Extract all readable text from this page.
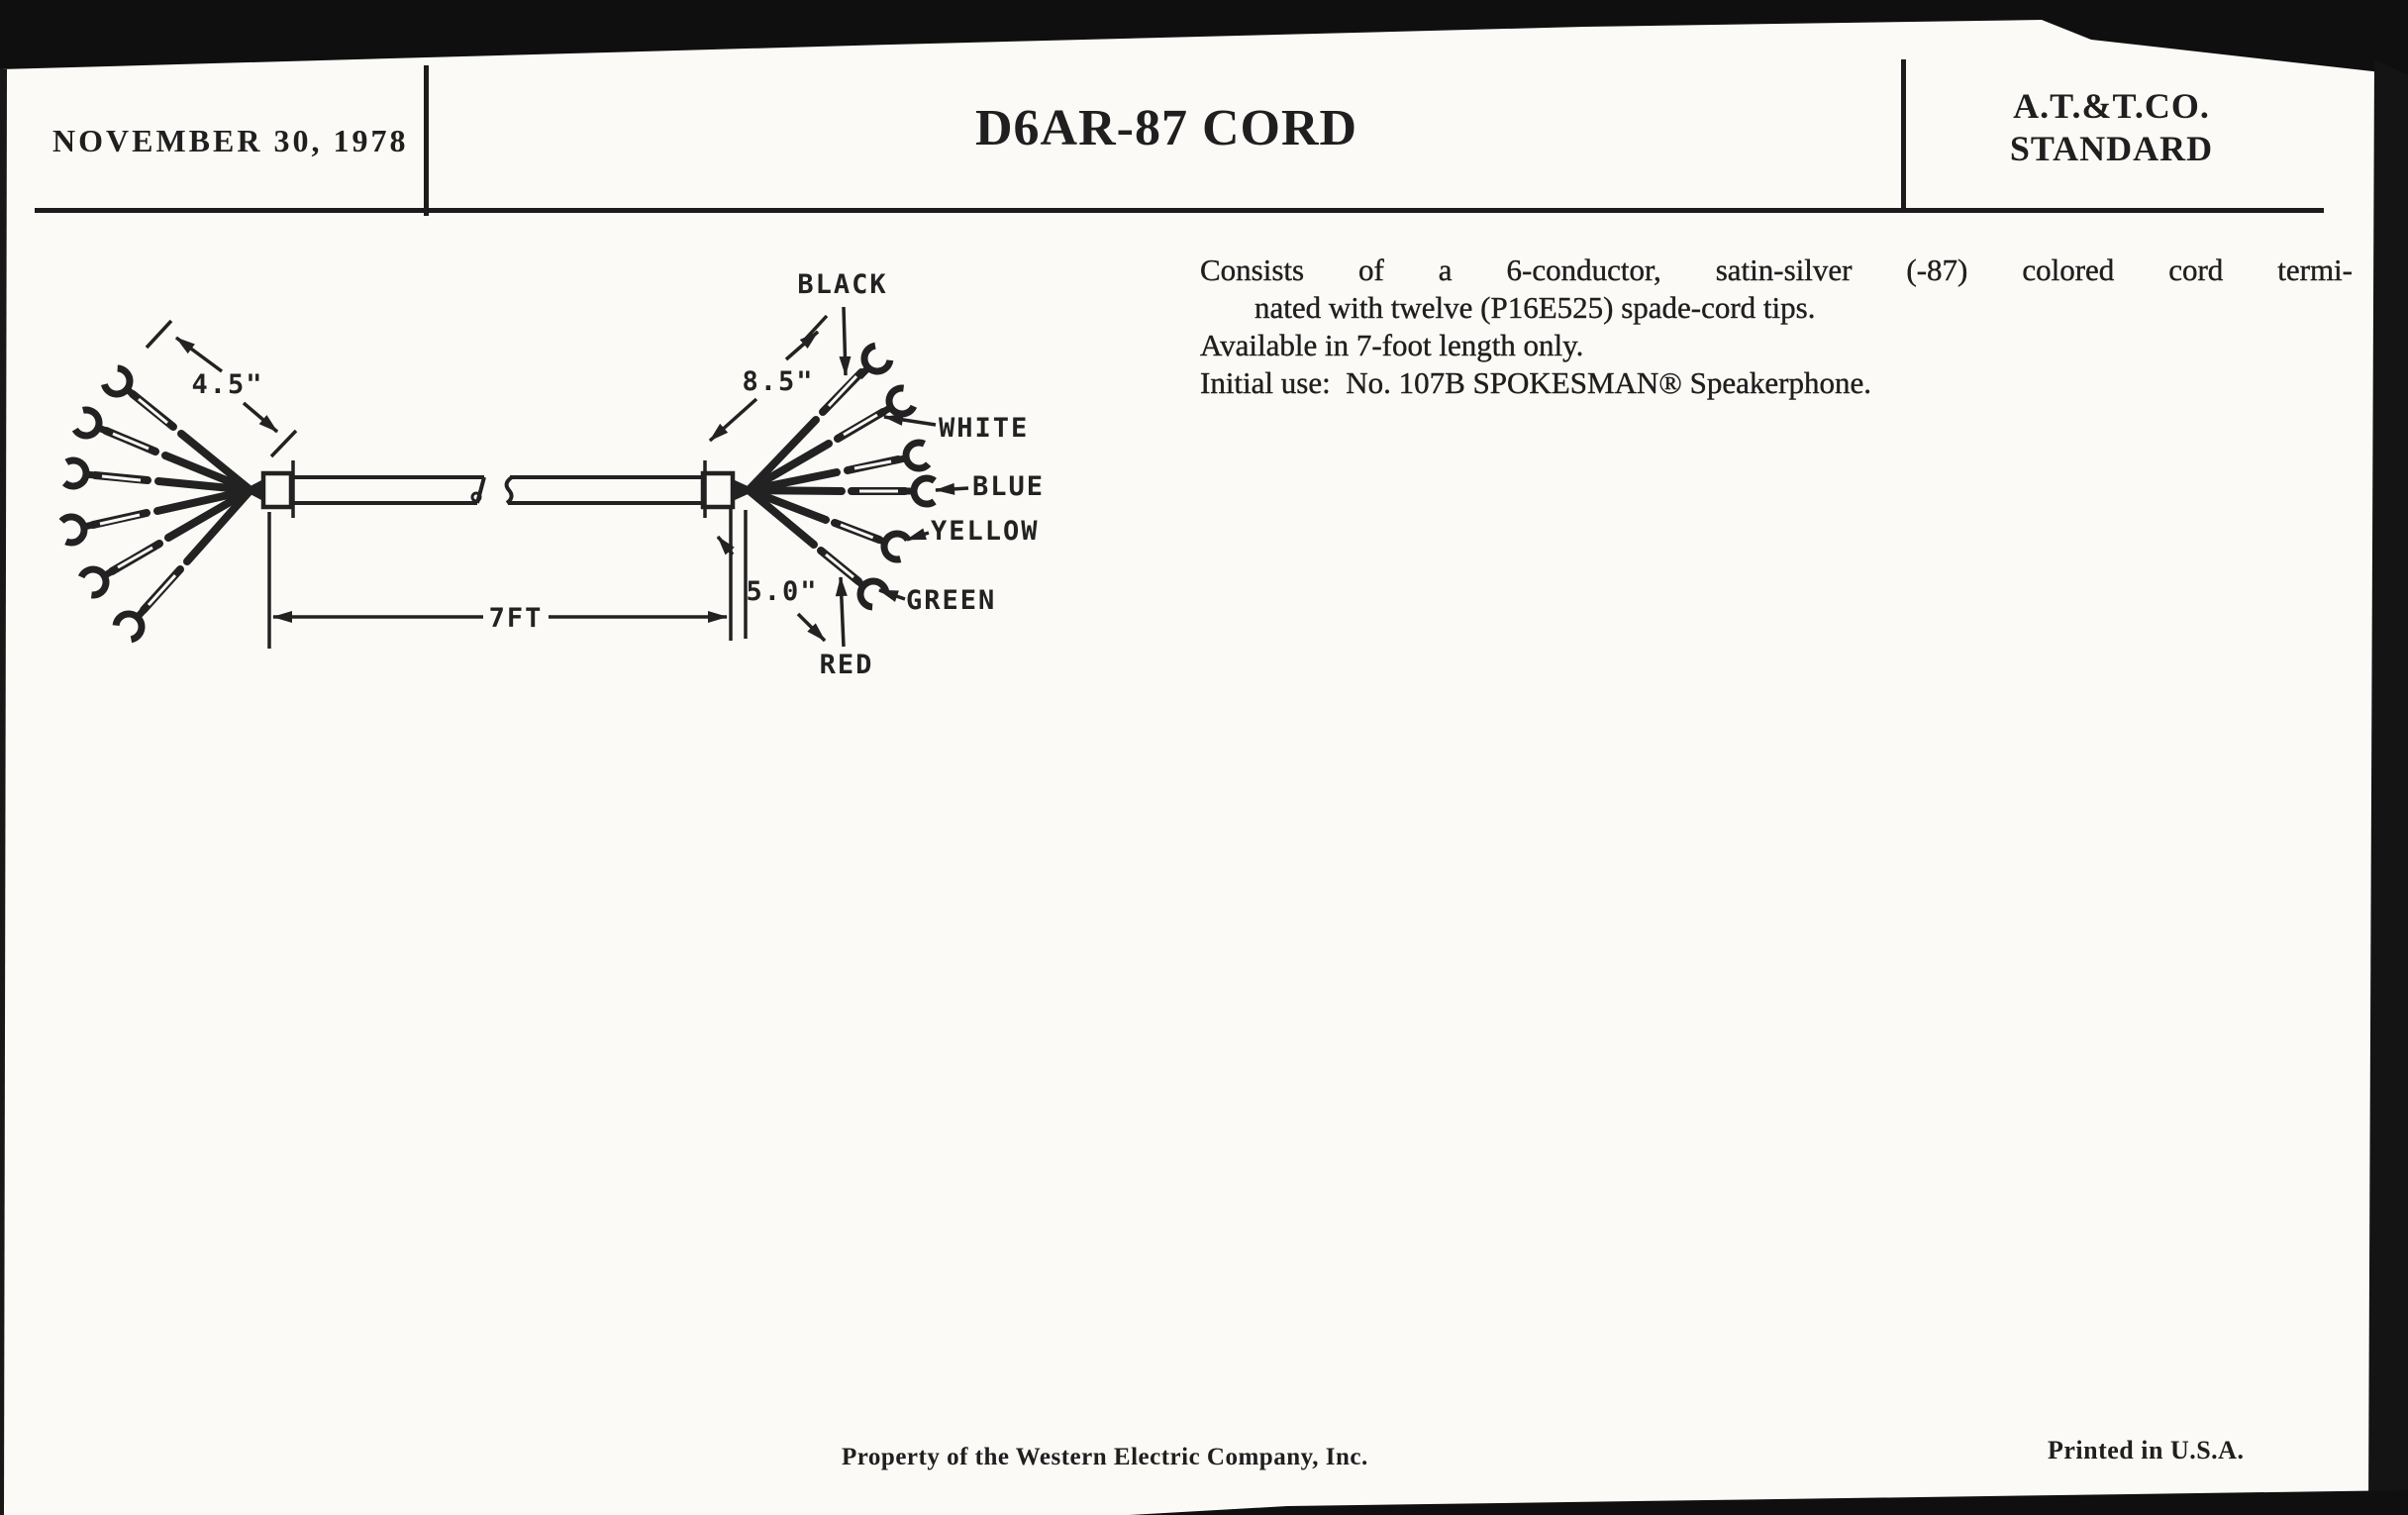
NOVEMBER 30, 1978	D6AR-87 CORD	A.T.&T.CO.
STANDARD
Consists of a 6-conductor, satin-silver (-87) colored cord termi-
nated with twelve (P16E525) spade-cord tips.
Available in 7-foot length only.
Initial use:  No. 107B SPOKESMAN® Speakerphone.
7FT
4.5"	8.5"
5.0"
BLACK
WHITE
BLUE
YELLOW
GREEN
RED
Property of the Western Electric Company, Inc.	Printed in U.S.A.
